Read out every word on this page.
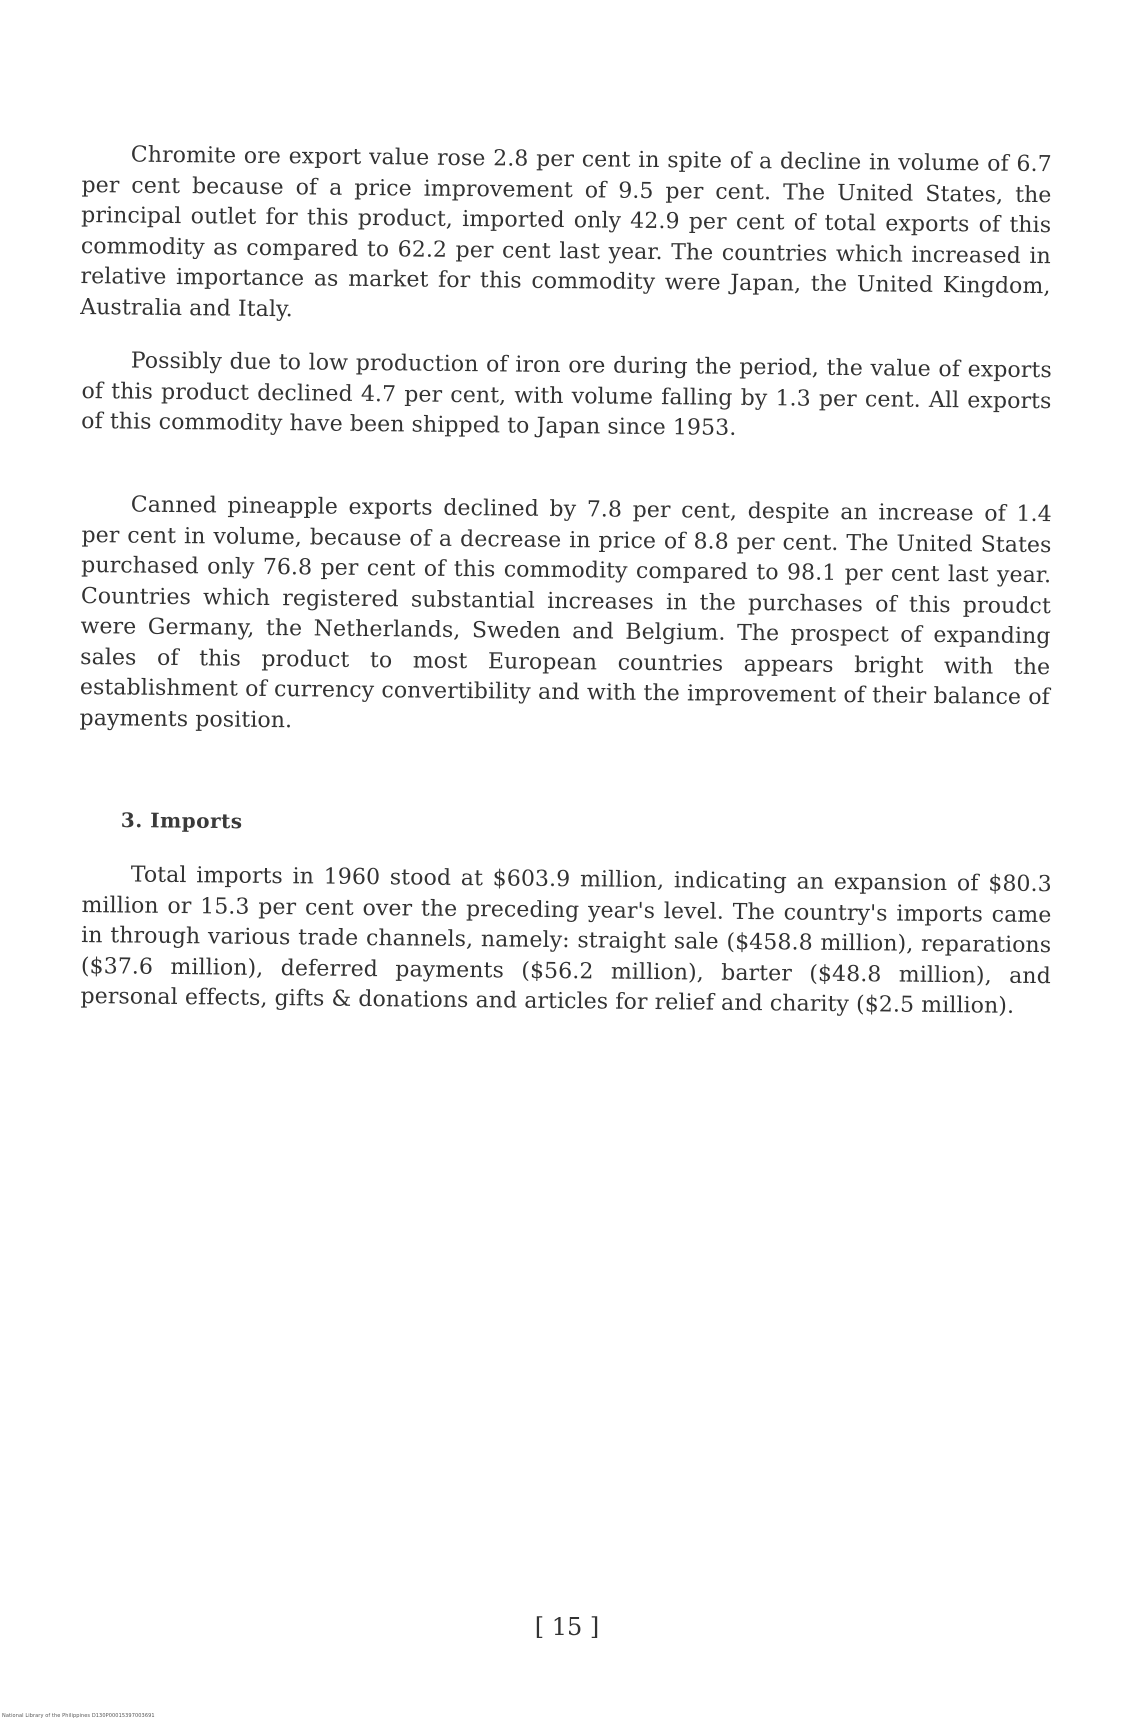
Chromite ore export value rose 2.8 per cent in spite of a decline in volume of 6.7 per cent because of a price improvement of 9.5 per cent. The United States, the principal outlet for this product, imported only 42.9 per cent of total exports of this commodity as compared to 62.2 per cent last year. The countries which increased in relative importance as market for this commodity were Japan, the United Kingdom, Australia and Italy.

Possibly due to low production of iron ore during the period, the value of exports of this product declined 4.7 per cent, with volume falling by 1.3 per cent. All exports of this commodity have been shipped to Japan since 1953.

Canned pineapple exports declined by 7.8 per cent, despite an increase of 1.4 per cent in volume, because of a decrease in price of 8.8 per cent. The United States purchased only 76.8 per cent of this commodity compared to 98.1 per cent last year. Countries which registered substantial increases in the purchases of this proudct were Germany, the Netherlands, Sweden and Belgium. The prospect of expanding sales of this product to most European countries appears bright with the establishment of currency convertibility and with the improvement of their balance of payments position.

3. Imports

Total imports in 1960 stood at $603.9 million, indicating an expansion of $80.3 million or 15.3 per cent over the preceding year's level. The country's imports came in through various trade channels, namely: straight sale ($458.8 million), reparations ($37.6 million), deferred payments ($56.2 million), barter ($48.8 million), and personal effects, gifts & donations and articles for relief and charity ($2.5 million).

[ 15 ]
National Library of the Philippines D130P00015397003691
